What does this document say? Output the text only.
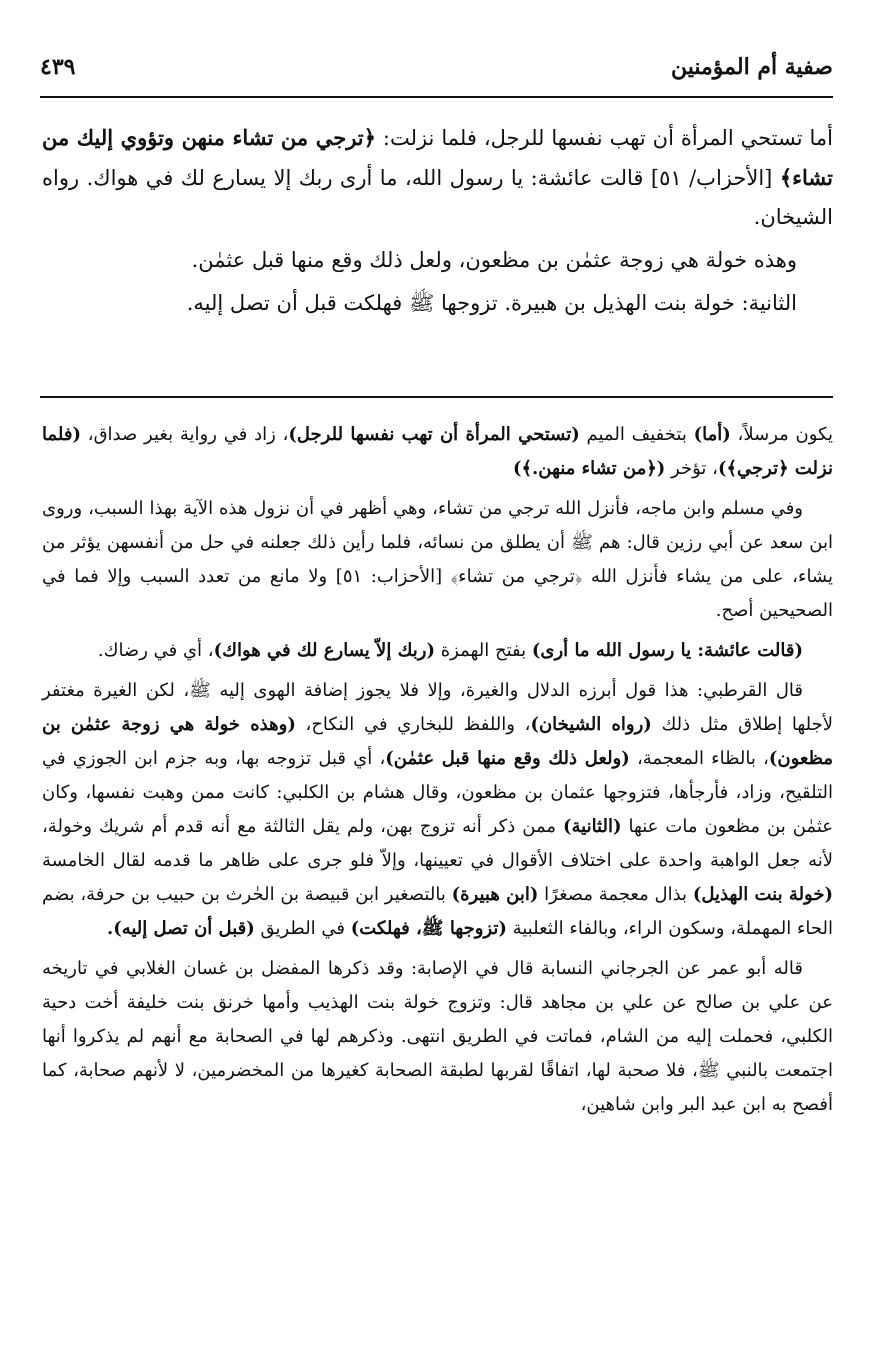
صفية أم المؤمنين
٤٣٩

أما تستحي المرأة أن تهب نفسها للرجل، فلما نزلت: ﴿ترجي من تشاء منهن وتؤوي إليك من تشاء﴾ [الأحزاب/ ٥١] قالت عائشة: يا رسول الله، ما أرى ربك إلا يسارع لك في هواك. رواه الشيخان.

وهذه خولة هي زوجة عثمٰن بن مظعون، ولعل ذلك وقع منها قبل عثمٰن.

الثانية: خولة بنت الهذيل بن هبيرة. تزوجها ﷺ فهلكت قبل أن تصل إليه.

يكون مرسلاً، (أما) بتخفيف الميم (تستحي المرأة أن تهب نفسها للرجل)، زاد في رواية بغير صداق، (فلما نزلت ﴿ترجي﴾)، تؤخر (﴿من تشاء منهن.﴾)

وفي مسلم وابن ماجه، فأنزل الله ترجي من تشاء، وهي أظهر في أن نزول هذه الآية بهذا السبب، وروى ابن سعد عن أبي رزين قال: هم ﷺ أن يطلق من نسائه، فلما رأين ذلك جعلنه في حل من أنفسهن يؤثر من يشاء، على من يشاء فأنزل الله ﴿ترجي من تشاء﴾ [الأحزاب: ٥١] ولا مانع من تعدد السبب وإلا فما في الصحيحين أصح.

(قالت عائشة: يا رسول الله ما أرى) بفتح الهمزة (ربك إلاّ يسارع لك في هواك)، أي في رضاك.

قال القرطبي: هذا قول أبرزه الدلال والغيرة، وإلا فلا يجوز إضافة الهوى إليه ﷺ، لكن الغيرة مغتفر لأجلها إطلاق مثل ذلك (رواه الشيخان)، واللفظ للبخاري في النكاح، (وهذه خولة هي زوجة عثمٰن بن مظعون)، بالظاء المعجمة، (ولعل ذلك وقع منها قبل عثمٰن)، أي قبل تزوجه بها، وبه جزم ابن الجوزي في التلقيح، وزاد، فأرجأها، فتزوجها عثمان بن مظعون، وقال هشام بن الكلبي: كانت ممن وهبت نفسها، وكان عثمٰن بن مظعون مات عنها (الثانية) ممن ذكر أنه تزوج بهن، ولم يقل الثالثة مع أنه قدم أم شريك وخولة، لأنه جعل الواهبة واحدة على اختلاف الأقوال في تعيينها، وإلاّ فلو جرى على ظاهر ما قدمه لقال الخامسة (خولة بنت الهذيل) بذال معجمة مصغرًا (ابن هبيرة) بالتصغير ابن قبيصة بن الحٰرث بن حبيب بن حرفة، بضم الحاء المهملة، وسكون الراء، وبالفاء الثعلبية (تزوجها ﷺ، فهلكت) في الطريق (قبل أن تصل إليه).

قاله أبو عمر عن الجرجاني النسابة قال في الإصابة: وقد ذكرها المفضل بن غسان الغلابي في تاريخه عن علي بن صالح عن علي بن مجاهد قال: وتزوج خولة بنت الهذيب وأمها خرنق بنت خليفة أخت دحية الكلبي، فحملت إليه من الشام، فماتت في الطريق انتهى. وذكرهم لها في الصحابة مع أنهم لم يذكروا أنها اجتمعت بالنبي ﷺ، فلا صحبة لها، اتفاقًا لقربها لطبقة الصحابة كغيرها من المخضرمين، لا لأنهم صحابة، كما أفصح به ابن عبد البر وابن شاهين،
